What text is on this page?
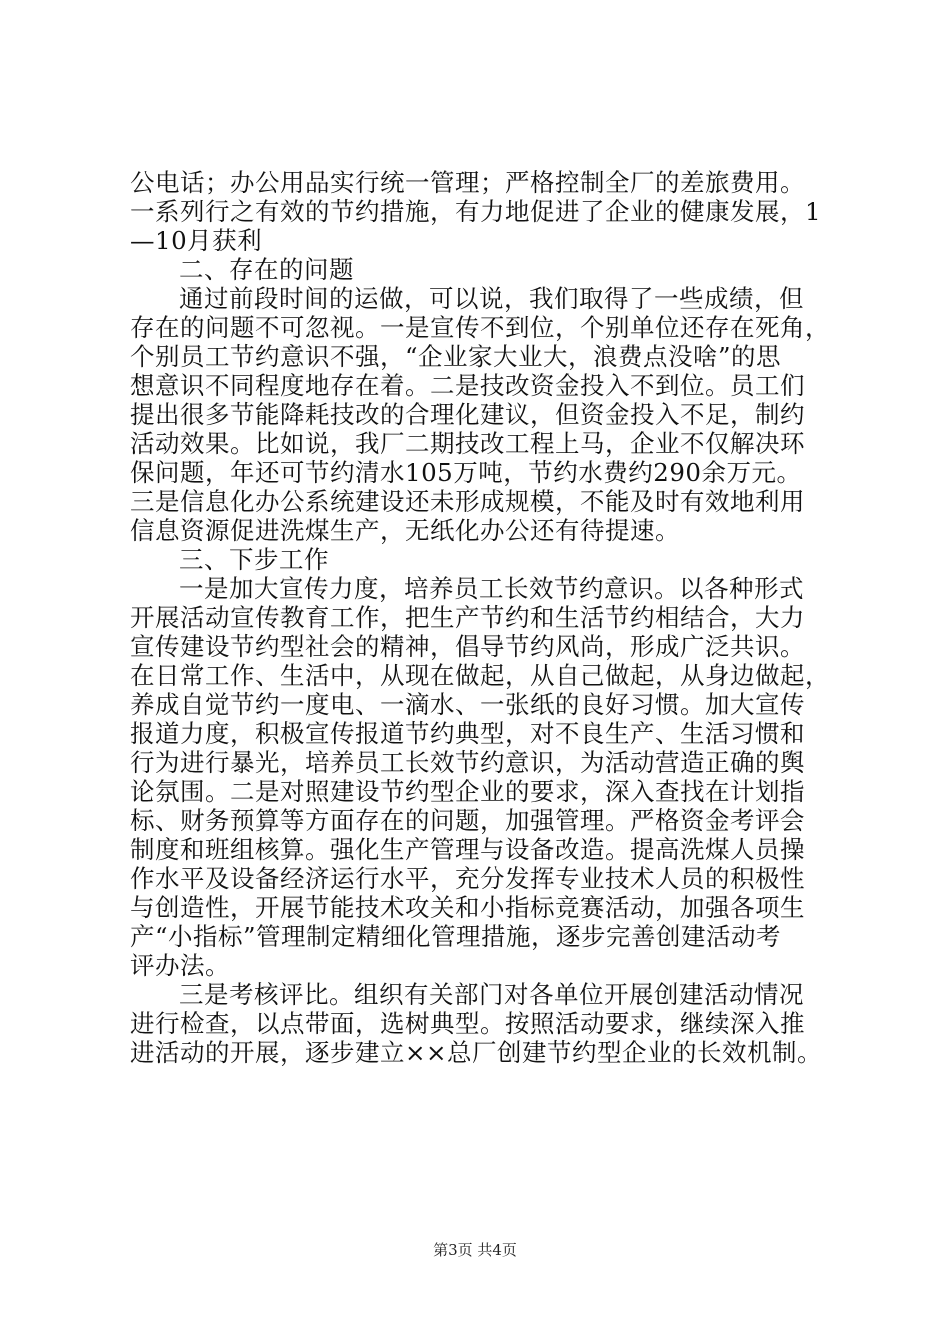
公电话；办公用品实行统一管理；严格控制全厂的差旅费用。
一系列行之有效的节约措施，有力地促进了企业的健康发展，1
—10月获利
二、存在的问题
通过前段时间的运做，可以说，我们取得了一些成绩，但
存在的问题不可忽视。一是宣传不到位，个别单位还存在死角，
个别员工节约意识不强，“企业家大业大，浪费点没啥”的思
想意识不同程度地存在着。二是技改资金投入不到位。员工们
提出很多节能降耗技改的合理化建议，但资金投入不足，制约
活动效果。比如说，我厂二期技改工程上马，企业不仅解决环
保问题，年还可节约清水105万吨，节约水费约290余万元。
三是信息化办公系统建设还未形成规模，不能及时有效地利用
信息资源促进洗煤生产，无纸化办公还有待提速。
三、下步工作
一是加大宣传力度，培养员工长效节约意识。以各种形式
开展活动宣传教育工作，把生产节约和生活节约相结合，大力
宣传建设节约型社会的精神，倡导节约风尚，形成广泛共识。
在日常工作、生活中，从现在做起，从自己做起，从身边做起，
养成自觉节约一度电、一滴水、一张纸的良好习惯。加大宣传
报道力度，积极宣传报道节约典型，对不良生产、生活习惯和
行为进行暴光，培养员工长效节约意识，为活动营造正确的舆
论氛围。二是对照建设节约型企业的要求，深入查找在计划指
标、财务预算等方面存在的问题，加强管理。严格资金考评会
制度和班组核算。强化生产管理与设备改造。提高洗煤人员操
作水平及设备经济运行水平，充分发挥专业技术人员的积极性
与创造性，开展节能技术攻关和小指标竞赛活动，加强各项生
产“小指标”管理制定精细化管理措施，逐步完善创建活动考
评办法。
三是考核评比。组织有关部门对各单位开展创建活动情况
进行检查，以点带面，选树典型。按照活动要求，继续深入推
进活动的开展，逐步建立××总厂创建节约型企业的长效机制。
第3页 共4页
